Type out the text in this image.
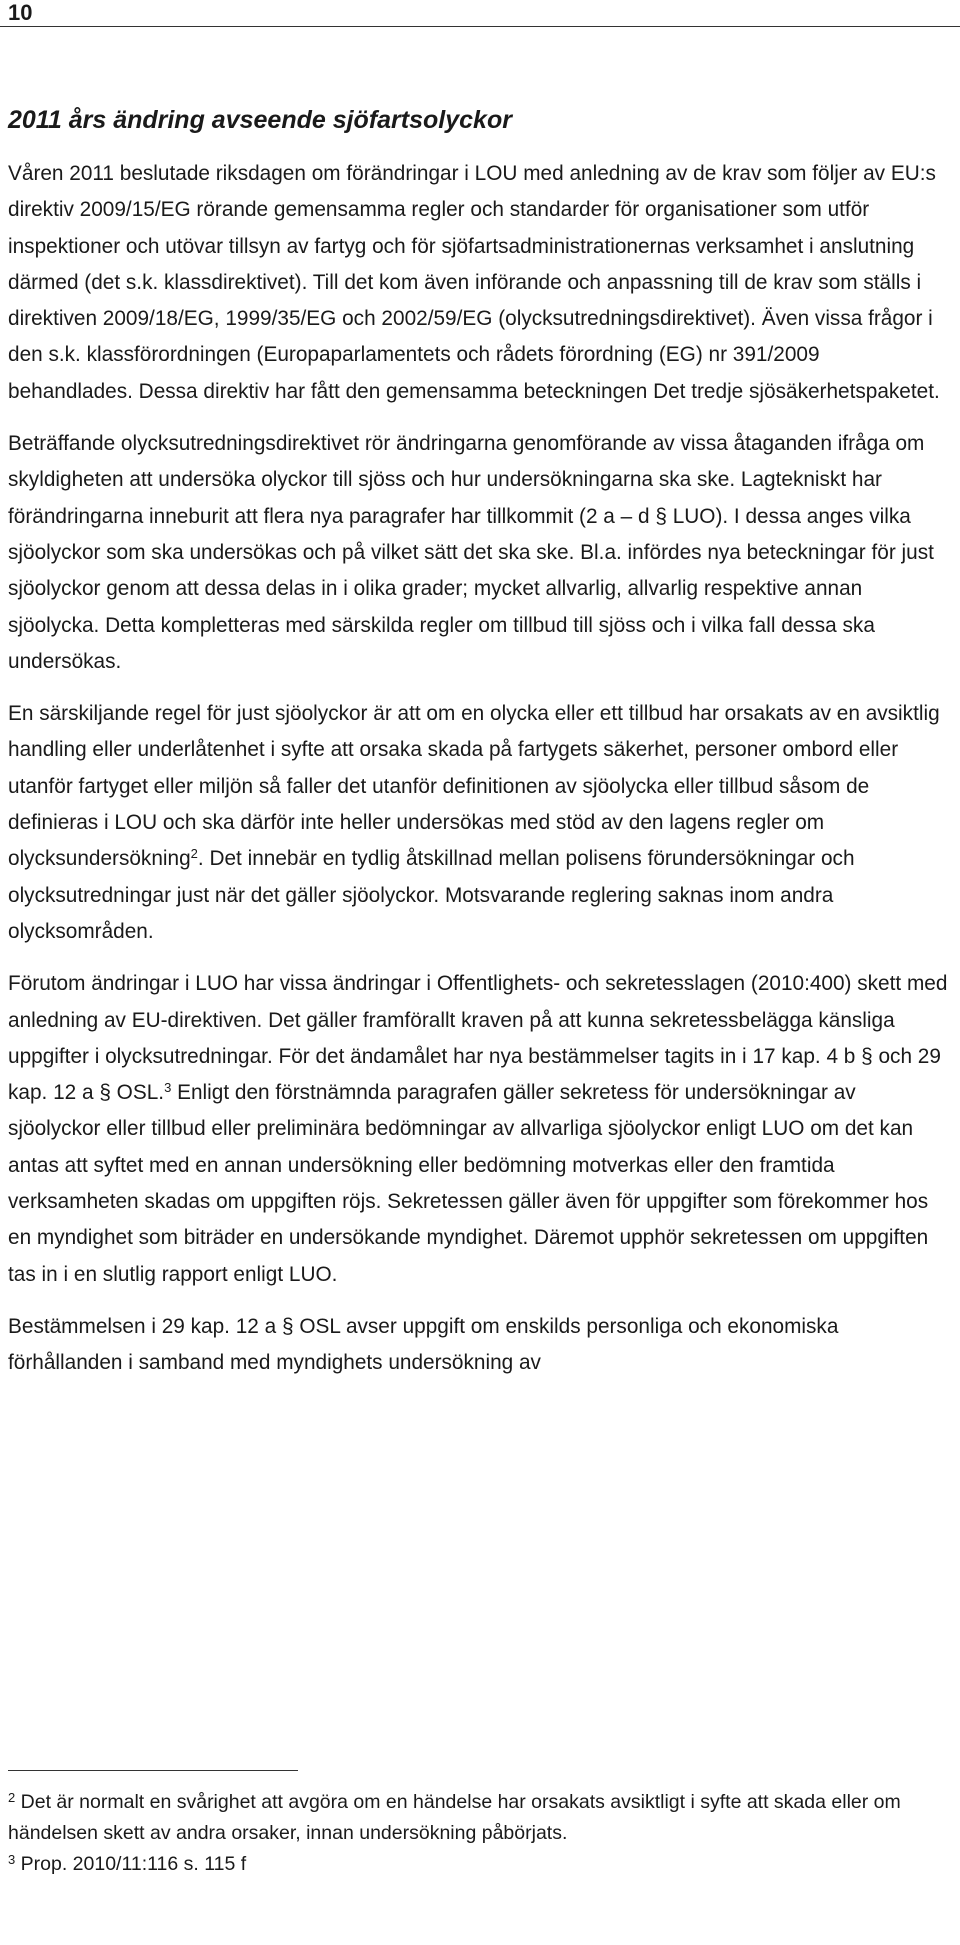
10
2011 års ändring avseende sjöfartsolyckor

Våren 2011 beslutade riksdagen om förändringar i LOU med anledning av de krav som följer av EU:s direktiv 2009/15/EG rörande gemensamma regler och standarder för organisationer som utför inspektioner och utövar tillsyn av fartyg och för sjöfartsadministrationernas verksamhet i anslutning därmed (det s.k. klassdirektivet). Till det kom även införande och anpassning till de krav som ställs i direktiven 2009/18/EG, 1999/35/EG och 2002/59/EG (olycksutredningsdirektivet). Även vissa frågor i den s.k. klassförordningen (Europaparlamentets och rådets förordning (EG) nr 391/2009 behandlades. Dessa direktiv har fått den gemensamma beteckningen Det tredje sjösäkerhetspaketet.

Beträffande olycksutredningsdirektivet rör ändringarna genomförande av vissa åtaganden ifråga om skyldigheten att undersöka olyckor till sjöss och hur undersökningarna ska ske. Lagtekniskt har förändringarna inneburit att flera nya paragrafer har tillkommit (2 a – d § LUO). I dessa anges vilka sjöolyckor som ska undersökas och på vilket sätt det ska ske. Bl.a. infördes nya beteckningar för just sjöolyckor genom att dessa delas in i olika grader; mycket allvarlig, allvarlig respektive annan sjöolycka. Detta kompletteras med särskilda regler om tillbud till sjöss och i vilka fall dessa ska undersökas.

En särskiljande regel för just sjöolyckor är att om en olycka eller ett tillbud har orsakats av en avsiktlig handling eller underlåtenhet i syfte att orsaka skada på fartygets säkerhet, personer ombord eller utanför fartyget eller miljön så faller det utanför definitionen av sjöolycka eller tillbud såsom de definieras i LOU och ska därför inte heller undersökas med stöd av den lagens regler om olycksundersökning$^2$. Det innebär en tydlig åtskillnad mellan polisens förundersökningar och olycksutredningar just när det gäller sjöolyckor. Motsvarande reglering saknas inom andra olycksområden.

Förutom ändringar i LUO har vissa ändringar i Offentlighets- och sekretesslagen (2010:400) skett med anledning av EU-direktiven. Det gäller framförallt kraven på att kunna sekretessbelägga känsliga uppgifter i olycksutredningar. För det ändamålet har nya bestämmelser tagits in i 17 kap. 4 b § och 29 kap. 12 a § OSL.$^3$ Enligt den förstnämnda paragrafen gäller sekretess för undersökningar av sjöolyckor eller tillbud eller preliminära bedömningar av allvarliga sjöolyckor enligt LUO om det kan antas att syftet med en annan undersökning eller bedömning motverkas eller den framtida verksamheten skadas om uppgiften röjs. Sekretessen gäller även för uppgifter som förekommer hos en myndighet som biträder en undersökande myndighet. Däremot upphör sekretessen om uppgiften tas in i en slutlig rapport enligt LUO.

Bestämmelsen i 29 kap. 12 a § OSL avser uppgift om enskilds personliga och ekonomiska förhållanden i samband med myndighets undersökning av

$^2$ Det är normalt en svårighet att avgöra om en händelse har orsakats avsiktligt i syfte att skada eller om händelsen skett av andra orsaker, innan undersökning påbörjats.

$^3$ Prop. 2010/11:116 s. 115 f
